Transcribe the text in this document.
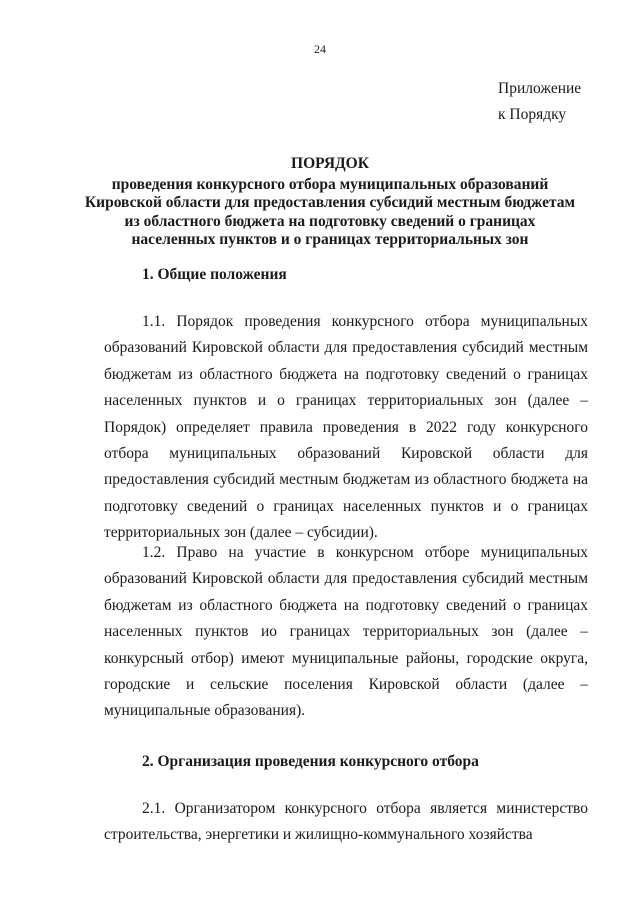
24
Приложение
к Порядку
ПОРЯДОК
проведения конкурсного отбора муниципальных образований
Кировской области для предоставления субсидий местным бюджетам
из областного бюджета на подготовку сведений о границах
населенных пунктов и о границах территориальных зон
1. Общие положения
1.1. Порядок проведения конкурсного отбора муниципальных образований Кировской области для предоставления субсидий местным бюджетам из областного бюджета на подготовку сведений о границах населенных пунктов и о границах территориальных зон (далее – Порядок) определяет правила проведения в 2022 году конкурсного отбора муниципальных образований Кировской области для предоставления субсидий местным бюджетам из областного бюджета на подготовку сведений о границах населенных пунктов и о границах территориальных зон (далее – субсидии).
1.2. Право на участие в конкурсном отборе муниципальных образований Кировской области для предоставления субсидий местным бюджетам из областного бюджета на подготовку сведений о границах населенных пунктов ио границах территориальных зон (далее – конкурсный отбор) имеют муниципальные районы, городские округа, городские и сельские поселения Кировской области (далее – муниципальные образования).
2. Организация проведения конкурсного отбора
2.1. Организатором конкурсного отбора является министерство строительства, энергетики и жилищно-коммунального хозяйства
